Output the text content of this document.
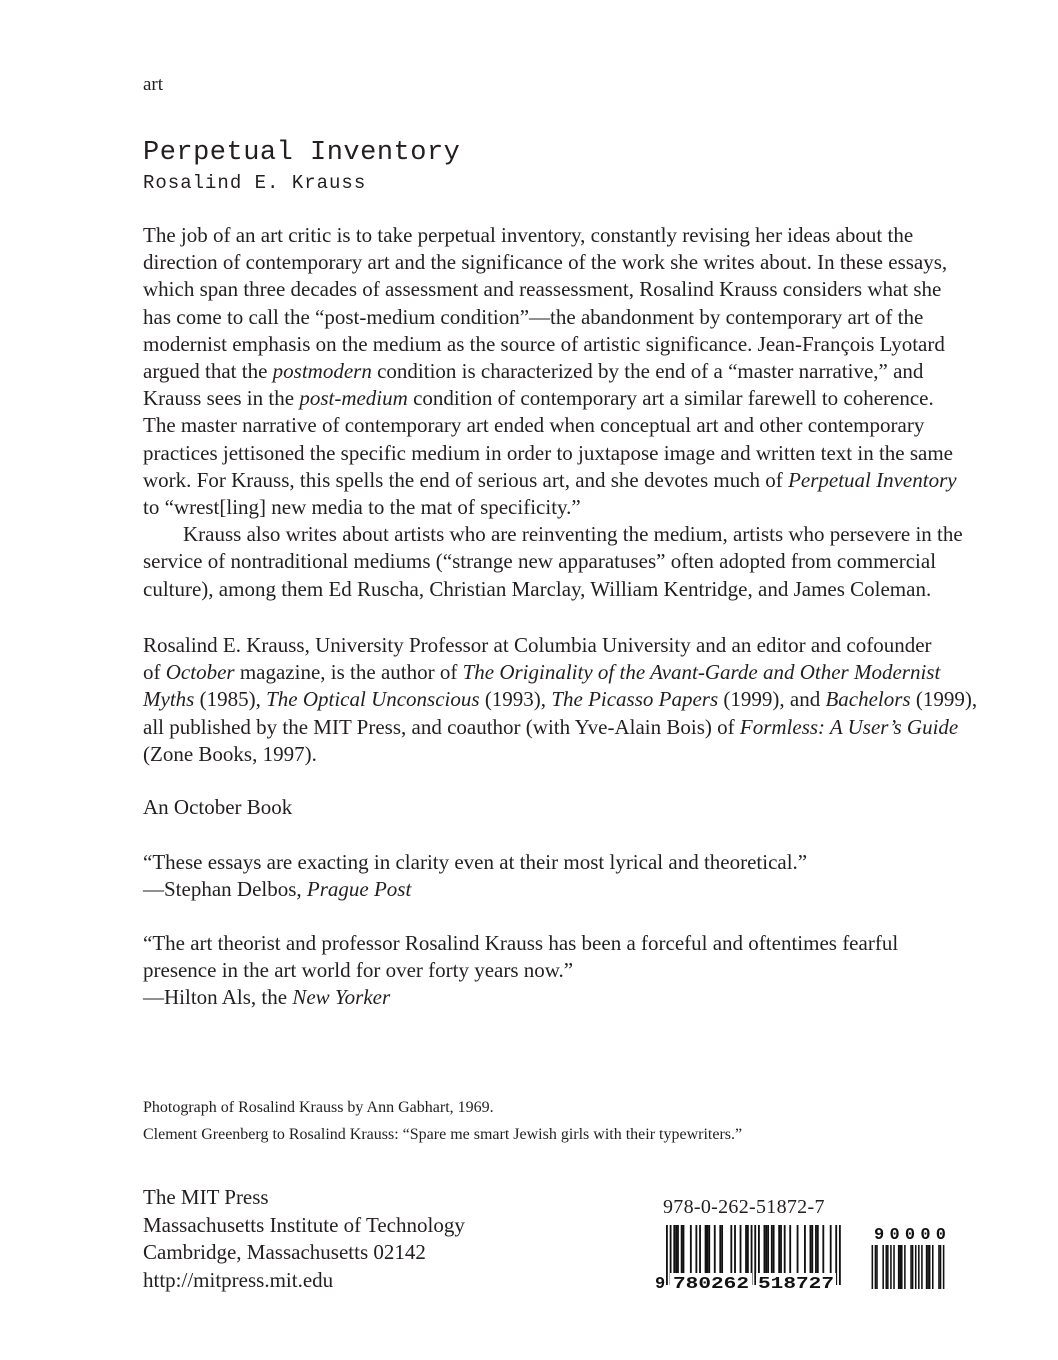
art
Perpetual Inventory
Rosalind E. Krauss
The job of an art critic is to take perpetual inventory, constantly revising her ideas about the
direction of contemporary art and the significance of the work she writes about. In these essays,
which span three decades of assessment and reassessment, Rosalind Krauss considers what she
has come to call the “post-medium condition”—the abandonment by contemporary art of the
modernist emphasis on the medium as the source of artistic significance. Jean-François Lyotard
argued that the postmodern condition is characterized by the end of a “master narrative,” and
Krauss sees in the post-medium condition of contemporary art a similar farewell to coherence.
The master narrative of contemporary art ended when conceptual art and other contemporary
practices jettisoned the specific medium in order to juxtapose image and written text in the same
work. For Krauss, this spells the end of serious art, and she devotes much of Perpetual Inventory
to “wrest[ling] new media to the mat of specificity.”
Krauss also writes about artists who are reinventing the medium, artists who persevere in the
service of nontraditional mediums (“strange new apparatuses” often adopted from commercial
culture), among them Ed Ruscha, Christian Marclay, William Kentridge, and James Coleman.
Rosalind E. Krauss, University Professor at Columbia University and an editor and cofounder
of October magazine, is the author of The Originality of the Avant-Garde and Other Modernist
Myths (1985), The Optical Unconscious (1993), The Picasso Papers (1999), and Bachelors (1999),
all published by the MIT Press, and coauthor (with Yve-Alain Bois) of Formless: A User’s Guide
(Zone Books, 1997).
An October Book
“These essays are exacting in clarity even at their most lyrical and theoretical.”
—Stephan Delbos, Prague Post
“The art theorist and professor Rosalind Krauss has been a forceful and oftentimes fearful
presence in the art world for over forty years now.”
—Hilton Als, the New Yorker
Photograph of Rosalind Krauss by Ann Gabhart, 1969.
Clement Greenberg to Rosalind Krauss: “Spare me smart Jewish girls with their typewriters.”
The MIT Press
Massachusetts Institute of Technology
Cambridge, Massachusetts 02142
http://mitpress.mit.edu
978-0-262-51872-7
9 780262 518727
90000
